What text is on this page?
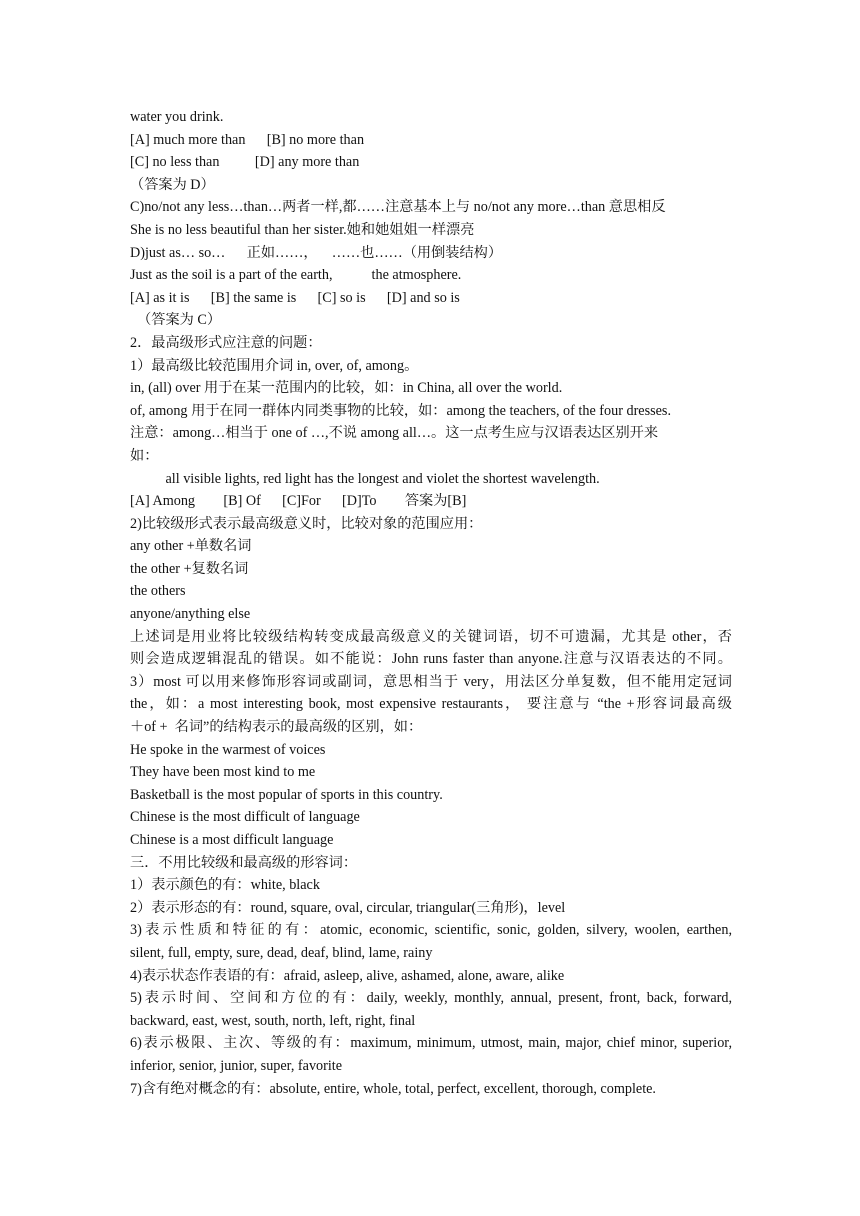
water you drink.
[A] much more than      [B] no more than
[C] no less than          [D] any more than
（答案为 D）
C)no/not any less…than…两者一样,都……注意基本上与 no/not any more…than 意思相反
She is no less beautiful than her sister.她和她姐姐一样漂亮
D)just as… so…      正如……，    ……也……（用倒装结构）
Just as the soil is a part of the earth,           the atmosphere.
[A] as it is      [B] the same is      [C] so is      [D] and so is
（答案为 C）
2．最高级形式应注意的问题：
1）最高级比较范围用介词 in, over, of, among。
in, (all) over 用于在某一范围内的比较，如：in China, all over the world.
of, among 用于在同一群体内同类事物的比较，如：among the teachers, of the four dresses.
注意：among…相当于 one of …,不说 among all…。这一点考生应与汉语表达区别开来
如：
all visible lights, red light has the longest and violet the shortest wavelength.
[A] Among        [B] Of      [C]For      [D]To        答案为[B]
2)比较级形式表示最高级意义时，比较对象的范围应用：
any other +单数名词
the other +复数名词
the others
anyone/anything else
上述词是用业将比较级结构转变成最高级意义的关键词语，切不可遗漏，尤其是 other，否
则会造成逻辑混乱的错误。如不能说：John runs faster than anyone.注意与汉语表达的不同。
3）most 可以用来修饰形容词或副词，意思相当于 very，用法区分单复数，但不能用定冠词
the，如：a most interesting book, most expensive restaurants， 要注意与 “the +形容词最高级
＋of +  名词”的结构表示的最高级的区别，如：
He spoke in the warmest of voices
They have been most kind to me
Basketball is the most popular of sports in this country.
Chinese is the most difficult of language
Chinese is a most difficult language
三．不用比较级和最高级的形容词：
1）表示颜色的有：white, black
2）表示形态的有：round, square, oval, circular, triangular(三角形)，level
3)表示性质和特征的有：atomic, economic, scientific, sonic, golden, silvery, woolen, earthen,
silent, full, empty, sure, dead, deaf, blind, lame, rainy
4)表示状态作表语的有：afraid, asleep, alive, ashamed, alone, aware, alike
5)表示时间、空间和方位的有：daily, weekly, monthly, annual, present, front, back, forward,
backward, east, west, south, north, left, right, final
6)表示极限、主次、等级的有：maximum, minimum, utmost, main, major, chief minor, superior,
inferior, senior, junior, super, favorite
7)含有绝对概念的有：absolute, entire, whole, total, perfect, excellent, thorough, complete.
